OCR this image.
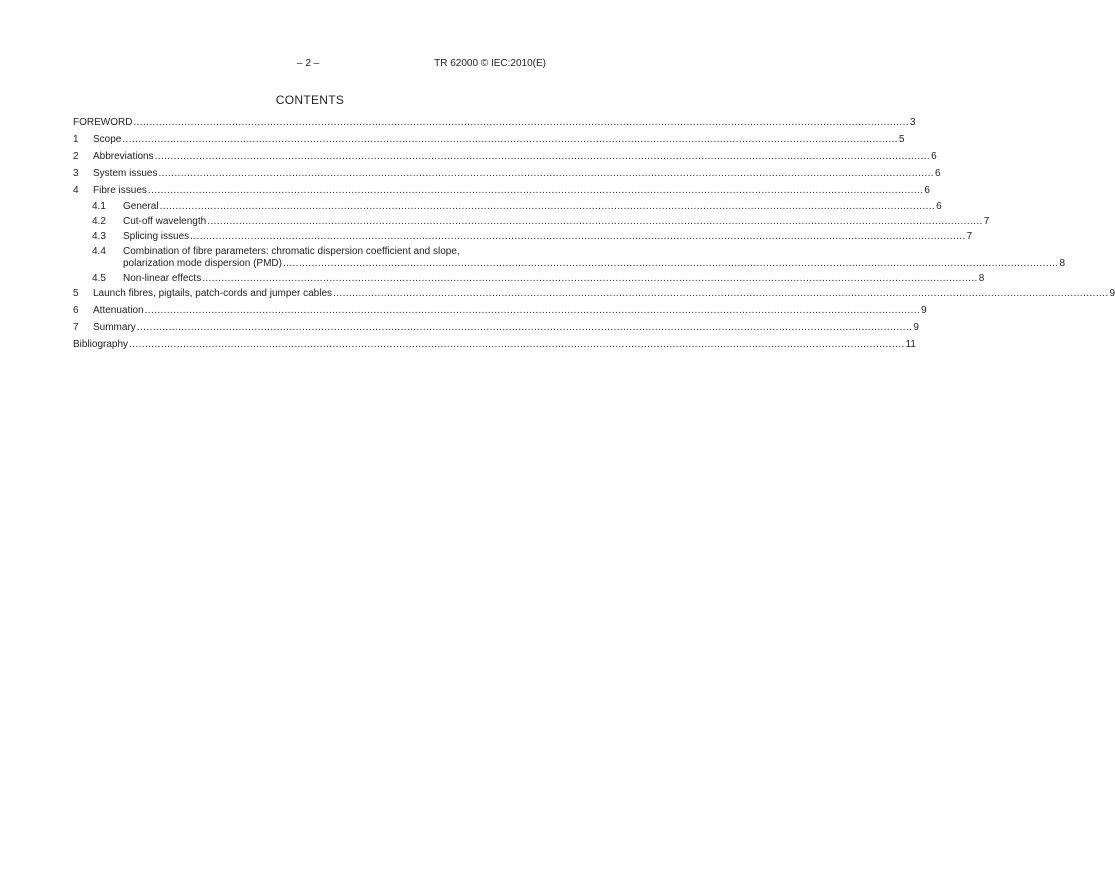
– 2 –	TR 62000 © IEC:2010(E)
CONTENTS
FOREWORD .....	3
1	Scope .....	5
2	Abbreviations .....	6
3	System issues .....	6
4	Fibre issues .....	6
4.1	General .....	6
4.2	Cut-off wavelength .....	7
4.3	Splicing issues .....	7
4.4	Combination of fibre parameters: chromatic dispersion coefficient and slope,
polarization mode dispersion (PMD) .....	8
4.5	Non-linear effects .....	8
5	Launch fibres, pigtails, patch-cords and jumper cables .....	9
6	Attenuation .....	9
7	Summary .....	9
Bibliography .....	11
